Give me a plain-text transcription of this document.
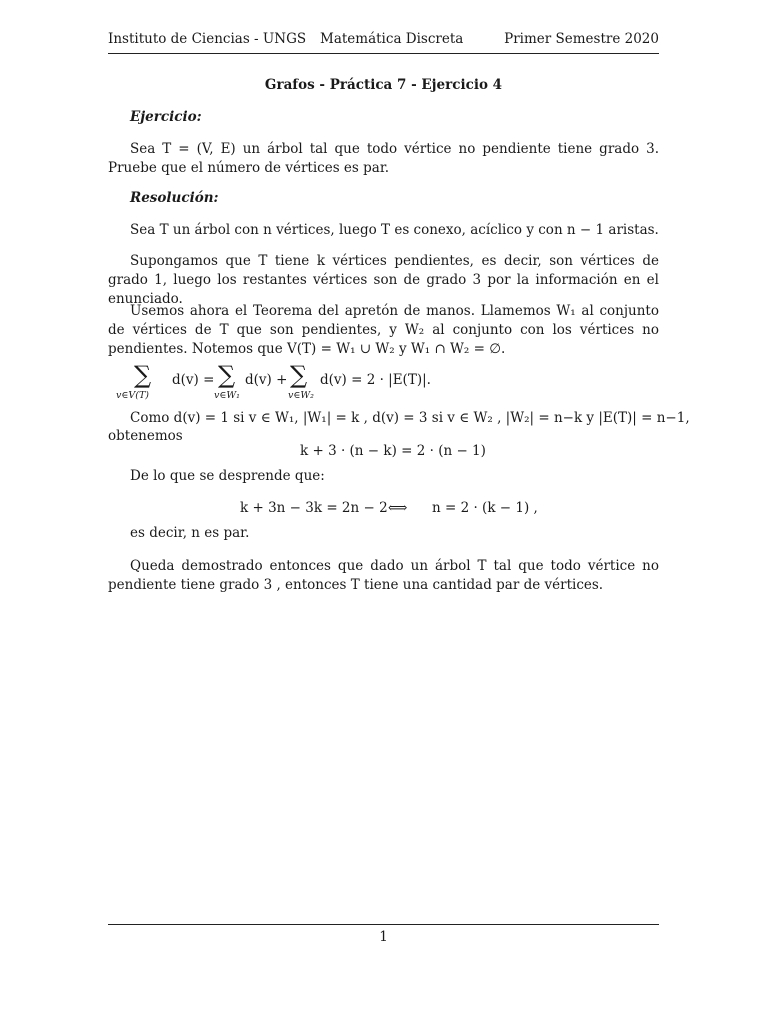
Instituto de Ciencias - UNGS Matemática Discreta	Primer Semestre 2020
Grafos - Práctica 7 - Ejercicio 4
Ejercicio:
Sea T = (V, E) un árbol tal que todo vértice no pendiente tiene grado 3. Pruebe que el número de vértices es par.
Resolución:
Sea T un árbol con n vértices, luego T es conexo, acíclico y con n − 1 aristas.
Supongamos que T tiene k vértices pendientes, es decir, son vértices de grado 1, luego los restantes vértices son de grado 3 por la información en el enunciado.
Usemos ahora el Teorema del apretón de manos. Llamemos W₁ al conjunto de vértices de T que son pendientes, y W₂ al conjunto con los vértices no pendientes. Notemos que V(T) = W₁ ∪ W₂ y W₁ ∩ W₂ = ∅.
∑
v∈V(T)
d(v) = ∑
v∈W₁
d(v) + ∑
v∈W₂
d(v) = 2 · |E(T)|.
Como d(v) = 1 si v ∈ W₁, |W₁| = k , d(v) = 3 si v ∈ W₂ , |W₂| = n−k y |E(T)| = n−1,
obtenemos
k + 3 · (n − k) = 2 · (n − 1)
De lo que se desprende que:
k + 3n − 3k = 2n − 2 ⟺ n = 2 · (k − 1) ,
es decir, n es par.
Queda demostrado entonces que dado un árbol T tal que todo vértice no pendiente tiene grado 3 , entonces T tiene una cantidad par de vértices.
1
